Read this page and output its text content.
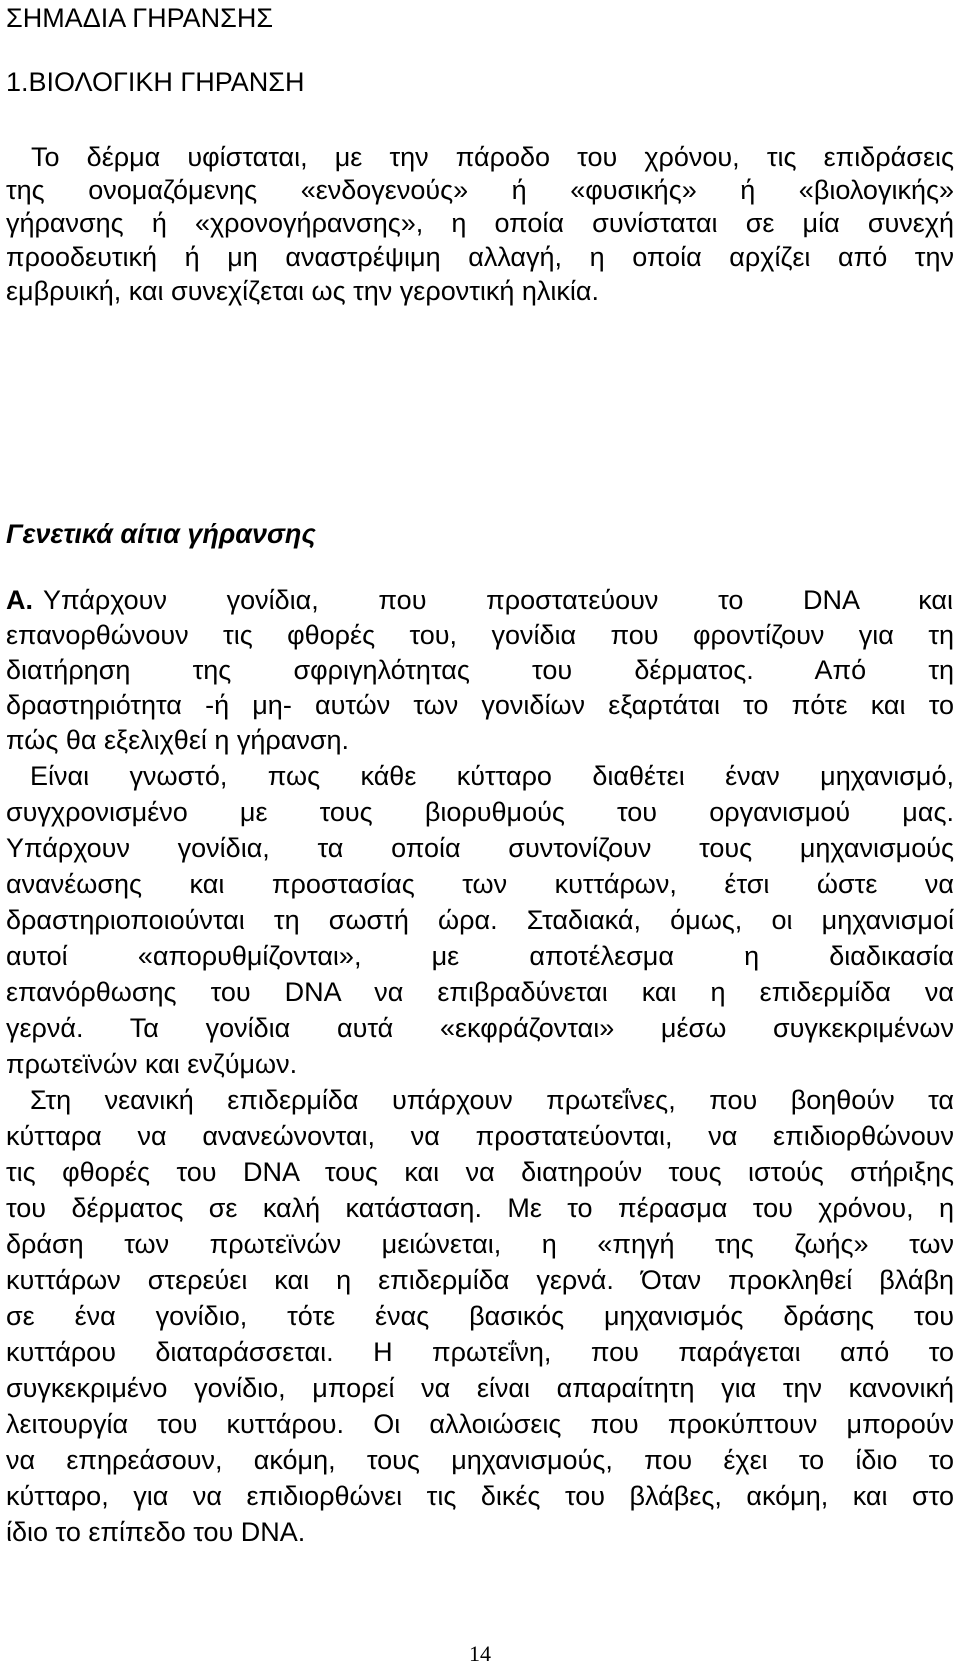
ΣΗΜΑΔΙΑ ΓΗΡΑΝΣΗΣ
1.ΒΙΟΛΟΓΙΚΗ ΓΗΡΑΝΣΗ
Το δέρμα υφίσταται, με την πάροδο του χρόνου, τις επιδράσεις
της ονομαζόμενης «ενδογενούς» ή «φυσικής» ή «βιολογικής»
γήρανσης ή «χρονογήρανσης», η οποία συνίσταται σε μία συνεχή
προοδευτική ή μη αναστρέψιμη αλλαγή, η οποία αρχίζει από την
εμβρυική, και συνεχίζεται ως την γεροντική ηλικία.
Γενετικά αίτια γήρανσης
Α. Υπάρχουν γονίδια, που προστατεύουν το DNA και
επανορθώνουν τις φθορές του, γονίδια που φροντίζουν για τη
διατήρηση της σφριγηλότητας του δέρματος. Από τη
δραστηριότητα -ή μη- αυτών των γονιδίων εξαρτάται το πότε και το
πώς θα εξελιχθεί η γήρανση.
Είναι γνωστό, πως κάθε κύτταρο διαθέτει έναν μηχανισμό,
συγχρονισμένο με τους βιορυθμούς του οργανισμού μας.
Υπάρχουν γονίδια, τα οποία συντονίζουν τους μηχανισμούς
ανανέωσης και προστασίας των κυττάρων, έτσι ώστε να
δραστηριοποιούνται τη σωστή ώρα. Σταδιακά, όμως, οι μηχανισμοί
αυτοί «απορυθμίζονται», με αποτέλεσμα η διαδικασία
επανόρθωσης του DNA να επιβραδύνεται και η επιδερμίδα να
γερνά. Τα γονίδια αυτά «εκφράζονται» μέσω συγκεκριμένων
πρωτεϊνών και ενζύμων.
Στη νεανική επιδερμίδα υπάρχουν πρωτεΐνες, που βοηθούν τα
κύτταρα να ανανεώνονται, να προστατεύονται, να επιδιορθώνουν
τις φθορές του DNA τους και να διατηρούν τους ιστούς στήριξης
του δέρματος σε καλή κατάσταση. Με το πέρασμα του χρόνου, η
δράση των πρωτεϊνών μειώνεται, η «πηγή της ζωής» των
κυττάρων στερεύει και η επιδερμίδα γερνά. Όταν προκληθεί βλάβη
σε ένα γονίδιο, τότε ένας βασικός μηχανισμός δράσης του
κυττάρου διαταράσσεται. Η πρωτεΐνη, που παράγεται από το
συγκεκριμένο γονίδιο, μπορεί να είναι απαραίτητη για την κανονική
λειτουργία του κυττάρου. Οι αλλοιώσεις που προκύπτουν μπορούν
να επηρεάσουν, ακόμη, τους μηχανισμούς, που έχει το ίδιο το
κύτταρο, για να επιδιορθώνει τις δικές του βλάβες, ακόμη, και στο
ίδιο το επίπεδο του DNA.
14
